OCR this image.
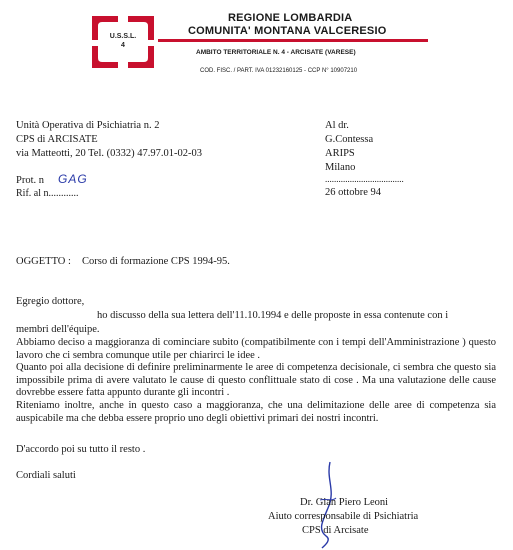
U.S.S.L.
4
REGIONE LOMBARDIA
COMUNITA' MONTANA VALCERESIO
AMBITO TERRITORIALE N. 4 - ARCISATE (VARESE)
COD. FISC. / PART. IVA 01232160125 - CCP N° 10907210
Unità Operativa di Psichiatria n. 2
CPS di ARCISATE
via Matteotti, 20 Tel. (0332) 47.97.01-02-03
Al dr.
G.Contessa
ARIPS
Milano
...................................
26 ottobre 94
Prot. n GAG
Rif. al n............
OGGETTO : Corso di formazione CPS 1994-95.
Egregio dottore,
ho discusso della sua lettera dell'11.10.1994 e delle proposte in essa contenute con i
membri dell'équipe.
Abbiamo deciso a maggioranza di cominciare subito (compatibilmente con i tempi dell'Amministrazione ) questo lavoro che ci sembra comunque utile per chiarirci le idee .
Quanto poi alla decisione di definire preliminarmente le aree di competenza decisionale, ci sembra che questo sia impossibile prima di avere valutato le cause di questo conflittuale stato di cose . Ma una valutazione delle cause dovrebbe essere fatta appunto durante gli incontri .
Riteniamo inoltre, anche in questo caso a maggioranza, che una delimitazione delle aree di competenza sia auspicabile ma che debba essere proprio uno degli obiettivi primari dei nostri incontri.
D'accordo poi su tutto il resto .
Cordiali saluti
Dr. Gian Piero Leoni
Aiuto corresponsabile di Psichiatria
CPS di Arcisate
